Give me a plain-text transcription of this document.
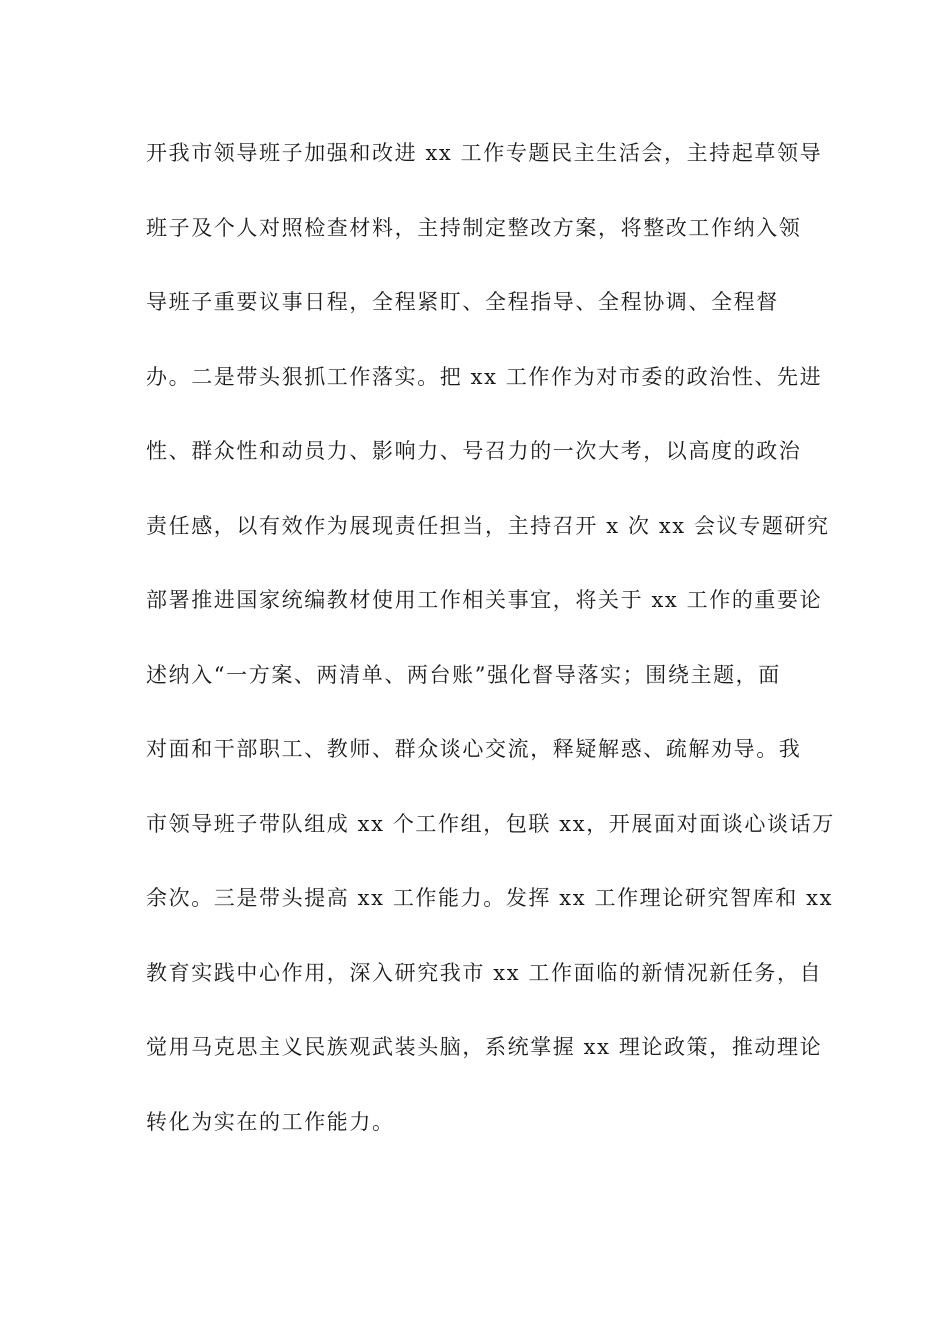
开我市领导班子加强和改进 xx 工作专题民主生活会，主持起草领导
班子及个人对照检查材料，主持制定整改方案，将整改工作纳入领
导班子重要议事日程，全程紧盯、全程指导、全程协调、全程督
办。二是带头狠抓工作落实。把 xx 工作作为对市委的政治性、先进
性、群众性和动员力、影响力、号召力的一次大考，以高度的政治
责任感，以有效作为展现责任担当，主持召开 x 次 xx 会议专题研究
部署推进国家统编教材使用工作相关事宜，将关于 xx 工作的重要论
述纳入“一方案、两清单、两台账”强化督导落实；围绕主题，面
对面和干部职工、教师、群众谈心交流，释疑解惑、疏解劝导。我
市领导班子带队组成 xx 个工作组，包联 xx，开展面对面谈心谈话万
余次。三是带头提高 xx 工作能力。发挥 xx 工作理论研究智库和 xx
教育实践中心作用，深入研究我市 xx 工作面临的新情况新任务，自
觉用马克思主义民族观武装头脑，系统掌握 xx 理论政策，推动理论
转化为实在的工作能力。
